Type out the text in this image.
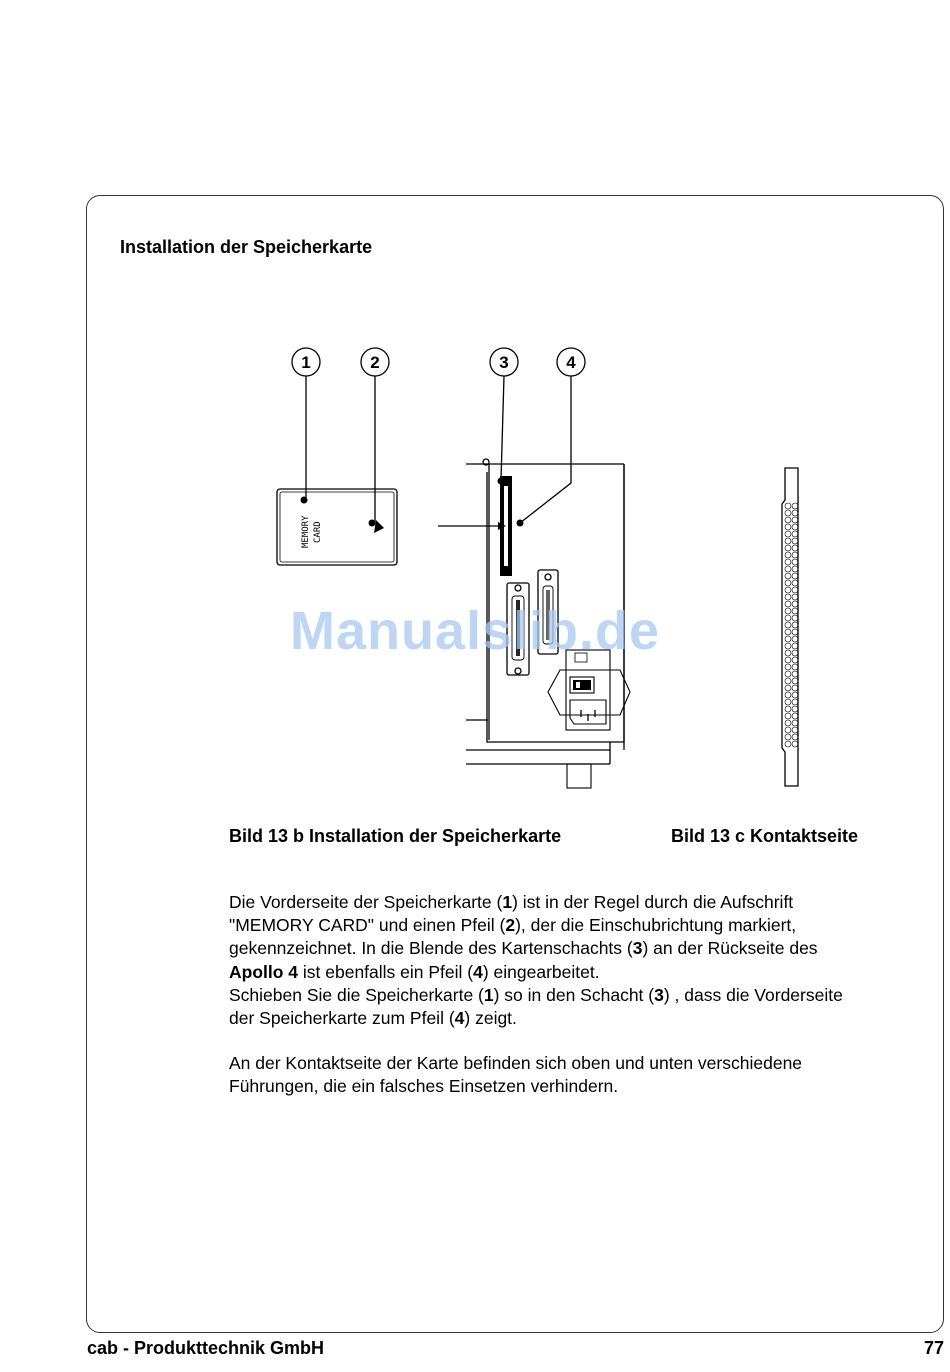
Installation der Speicherkarte
1	2	3	4
MEMORY CARD
Manualslib.de
Bild 13 b Installation der Speicherkarte	Bild 13 c Kontaktseite
Die Vorderseite der Speicherkarte (1) ist in der Regel durch die Aufschrift
"MEMORY CARD" und einen Pfeil (2), der die Einschubrichtung markiert,
gekennzeichnet. In die Blende des Kartenschachts (3) an der Rückseite des
Apollo 4 ist ebenfalls ein Pfeil (4) eingearbeitet.
Schieben Sie die Speicherkarte (1) so in den Schacht (3) , dass die Vorderseite
der Speicherkarte zum Pfeil (4) zeigt.
An der Kontaktseite der Karte befinden sich oben und unten verschiedene
Führungen, die ein falsches Einsetzen verhindern.
cab - Produkttechnik GmbH	77
